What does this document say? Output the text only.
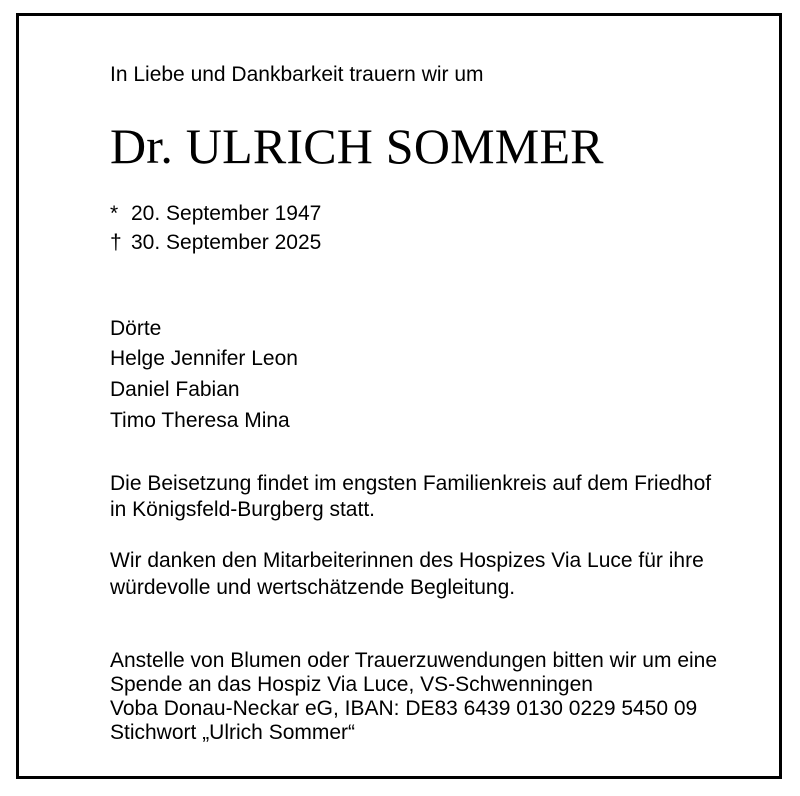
In Liebe und Dankbarkeit trauern wir um
Dr. ULRICH SOMMER
* 20. September 1947
† 30. September 2025
Dörte
Helge Jennifer Leon
Daniel Fabian
Timo Theresa Mina
Die Beisetzung findet im engsten Familienkreis auf dem Friedhof
in Königsfeld-Burgberg statt.
Wir danken den Mitarbeiterinnen des Hospizes Via Luce für ihre
würdevolle und wertschätzende Begleitung.
Anstelle von Blumen oder Trauerzuwendungen bitten wir um eine
Spende an das Hospiz Via Luce, VS-Schwenningen
Voba Donau-Neckar eG, IBAN: DE83 6439 0130 0229 5450 09
Stichwort „Ulrich Sommer“
